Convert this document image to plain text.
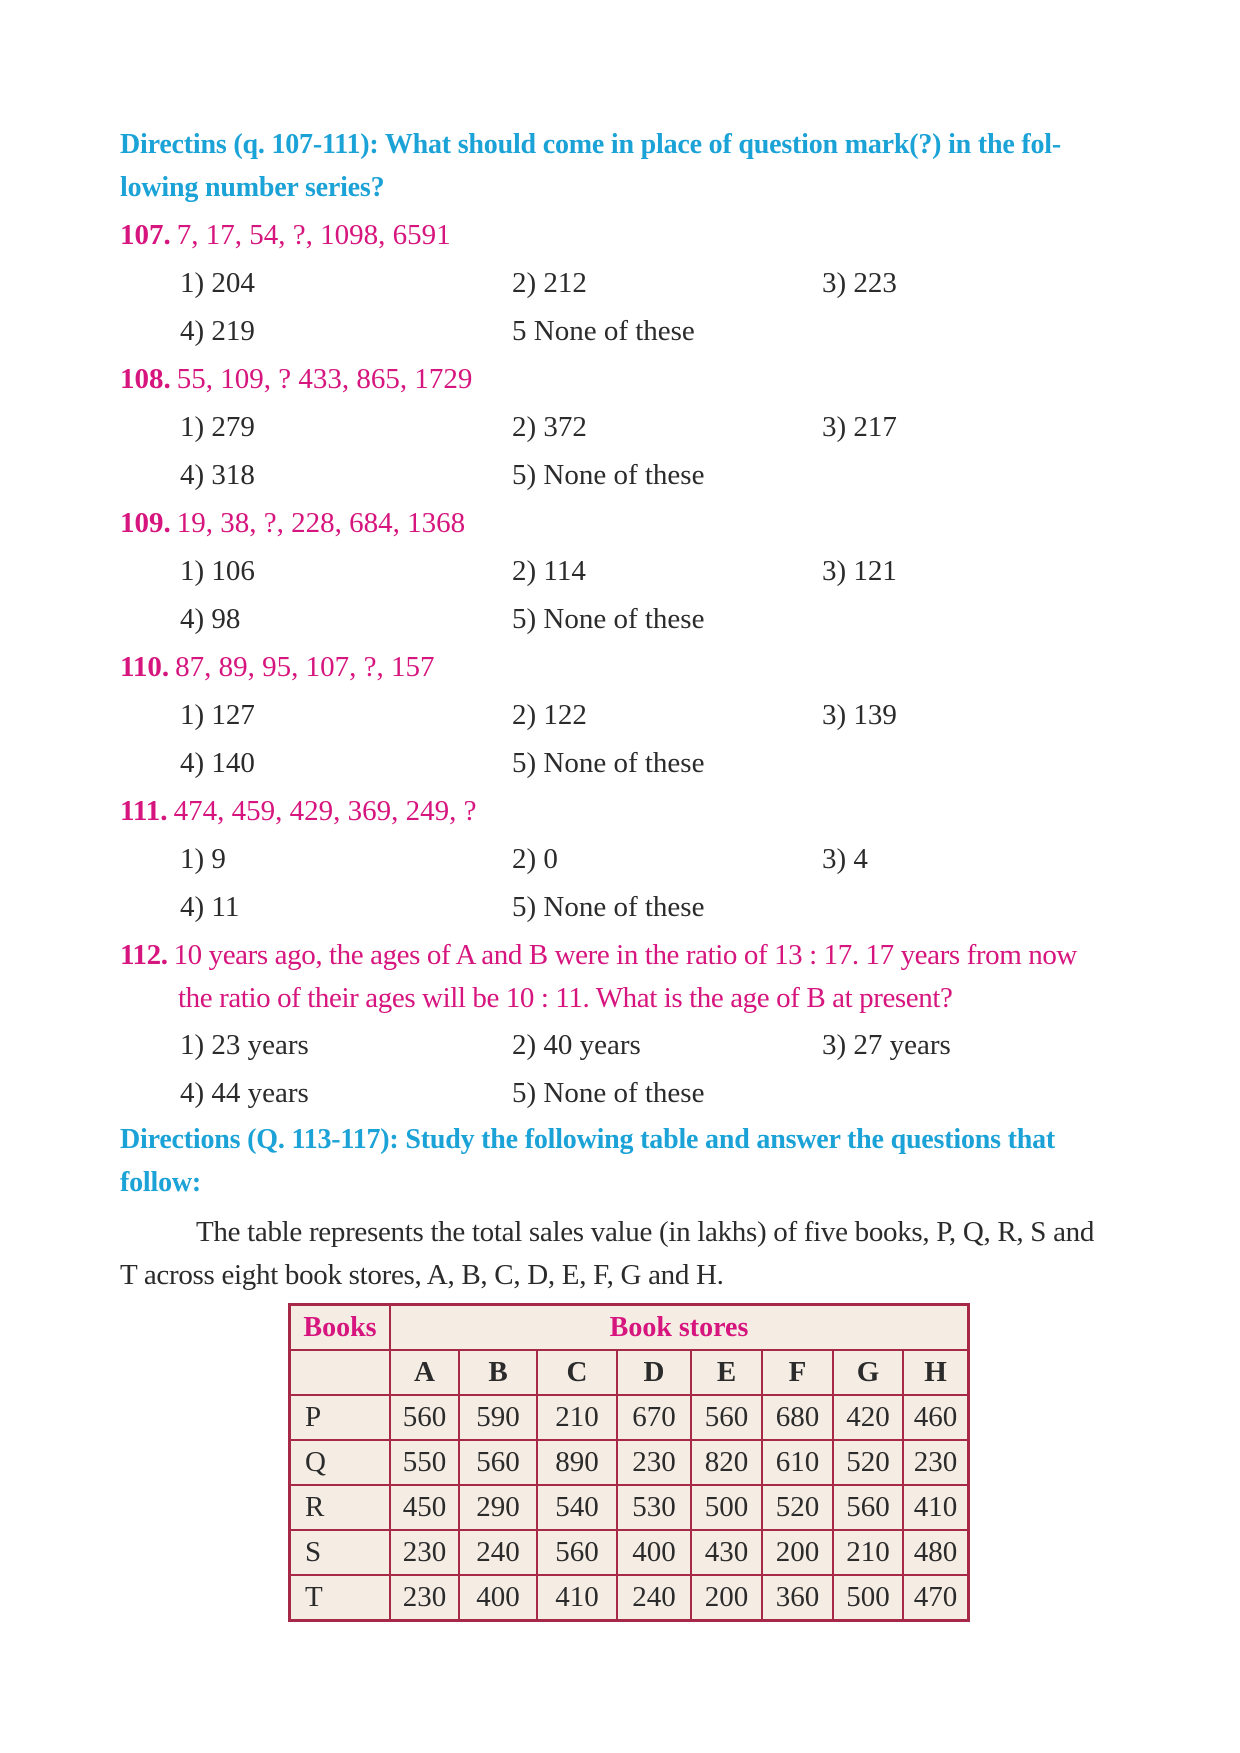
Directins (q. 107-111): What should come in place of question mark(?) in the fol-
lowing number series?
107. 7, 17, 54, ?, 1098, 6591
1) 204	2) 212	3) 223
4) 219	5 None of these
108. 55, 109, ? 433, 865, 1729
1) 279	2) 372	3) 217
4) 318	5) None of these
109. 19, 38, ?, 228, 684, 1368
1) 106	2) 114	3) 121
4) 98	5) None of these
110. 87, 89, 95, 107, ?, 157
1) 127	2) 122	3) 139
4) 140	5) None of these
111. 474, 459, 429, 369, 249, ?
1) 9	2) 0	3) 4
4) 11	5) None of these
112. 10 years ago, the ages of A and B were in the ratio of 13 : 17. 17 years from now
the ratio of their ages will be 10 : 11. What is the age of B at present?
1) 23 years	2) 40 years	3) 27 years
4) 44 years	5) None of these
Directions (Q. 113-117): Study the following table and answer the questions that
follow:
The table represents the total sales value (in lakhs) of five books, P, Q, R, S and
T across eight book stores, A, B, C, D, E, F, G and H.
Books	Book stores							
	A	B	C	D	E	F	G	H
P	560	590	210	670	560	680	420	460
Q	550	560	890	230	820	610	520	230
R	450	290	540	530	500	520	560	410
S	230	240	560	400	430	200	210	480
T	230	400	410	240	200	360	500	470
